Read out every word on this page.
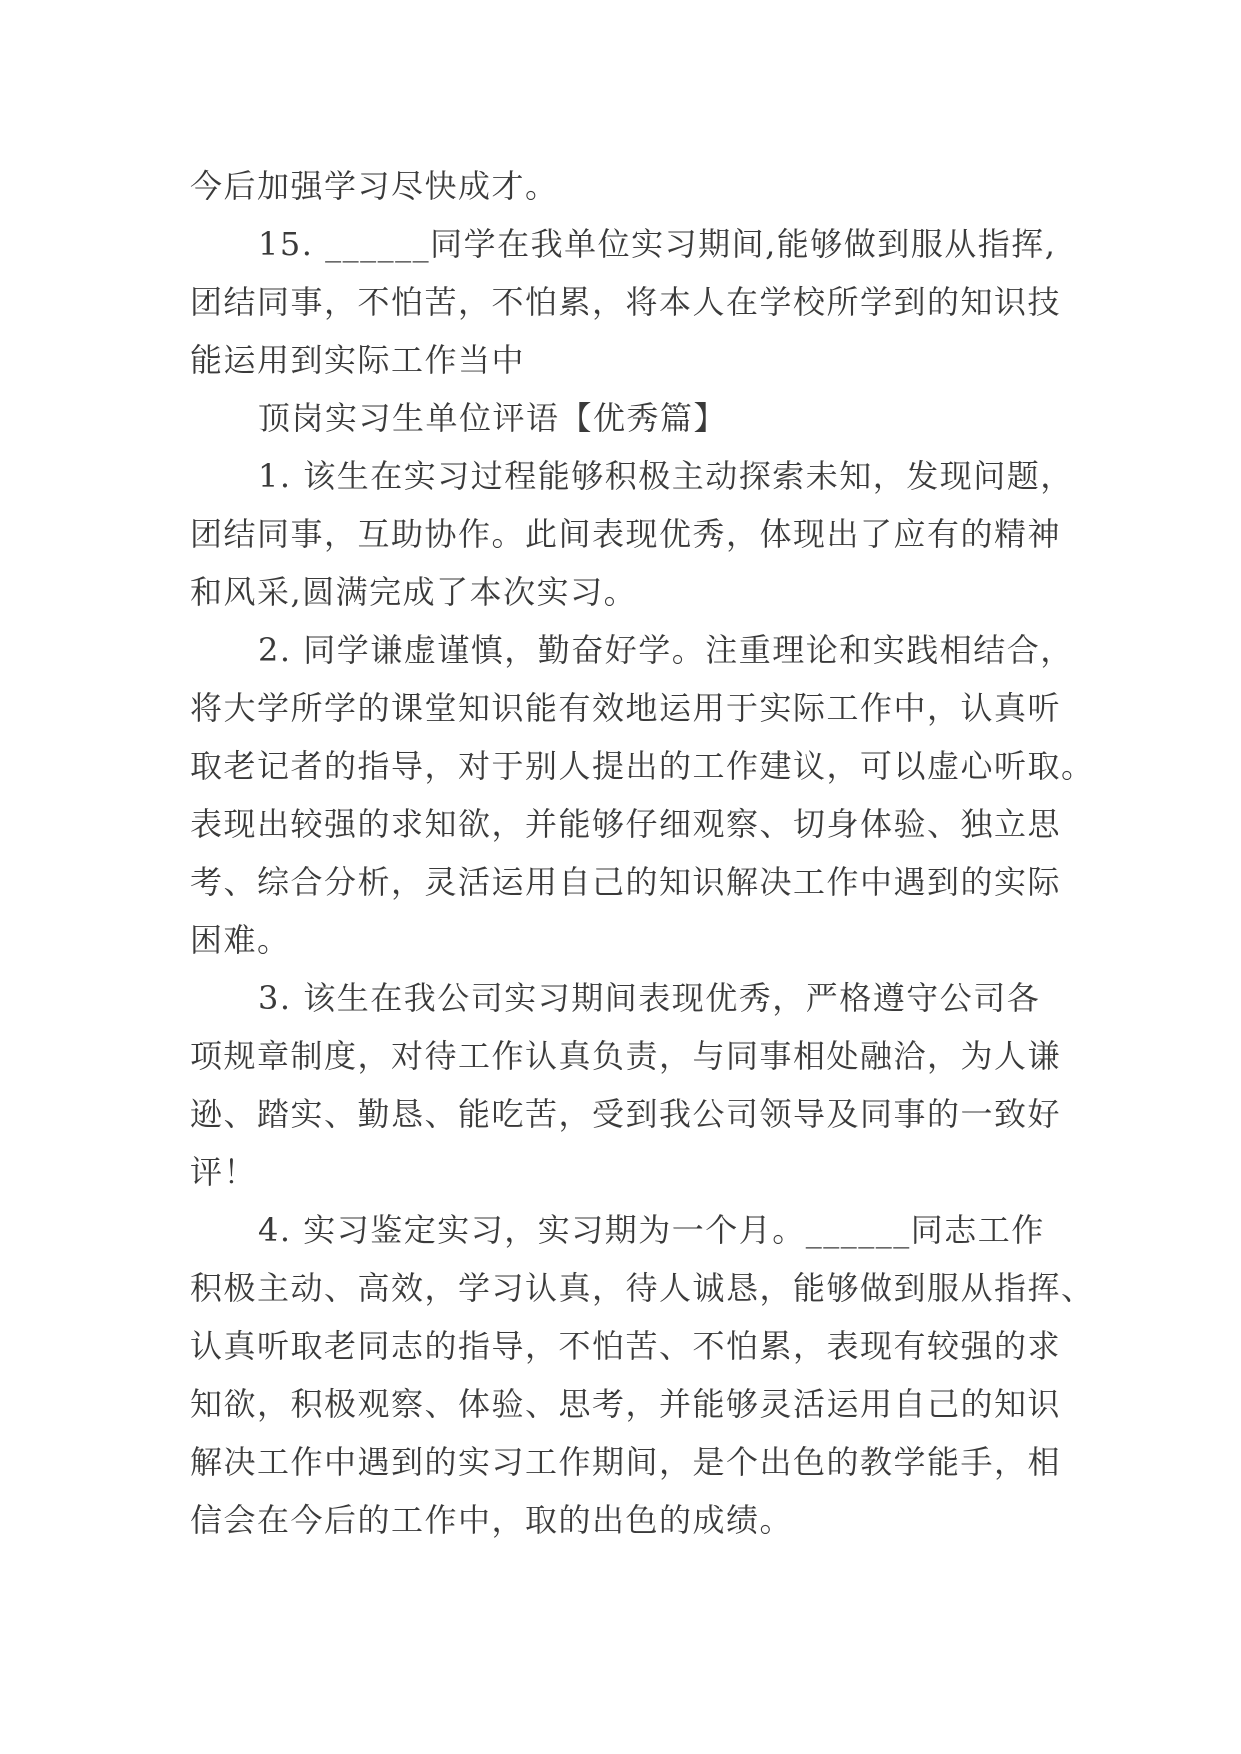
今后加强学习尽快成才。
15. ______同学在我单位实习期间,能够做到服从指挥,
团结同事，不怕苦，不怕累，将本人在学校所学到的知识技
能运用到实际工作当中
顶岗实习生单位评语【优秀篇】
1. 该生在实习过程能够积极主动探索未知，发现问题，
团结同事，互助协作。此间表现优秀，体现出了应有的精神
和风采,圆满完成了本次实习。
2. 同学谦虚谨慎，勤奋好学。注重理论和实践相结合，
将大学所学的课堂知识能有效地运用于实际工作中，认真听
取老记者的指导，对于别人提出的工作建议，可以虚心听取。
表现出较强的求知欲，并能够仔细观察、切身体验、独立思
考、综合分析，灵活运用自己的知识解决工作中遇到的实际
困难。
3. 该生在我公司实习期间表现优秀，严格遵守公司各
项规章制度，对待工作认真负责，与同事相处融洽，为人谦
逊、踏实、勤恳、能吃苦，受到我公司领导及同事的一致好
评！
4. 实习鉴定实习，实习期为一个月。______同志工作
积极主动、高效，学习认真，待人诚恳，能够做到服从指挥、
认真听取老同志的指导，不怕苦、不怕累，表现有较强的求
知欲，积极观察、体验、思考，并能够灵活运用自己的知识
解决工作中遇到的实习工作期间，是个出色的教学能手，相
信会在今后的工作中，取的出色的成绩。
